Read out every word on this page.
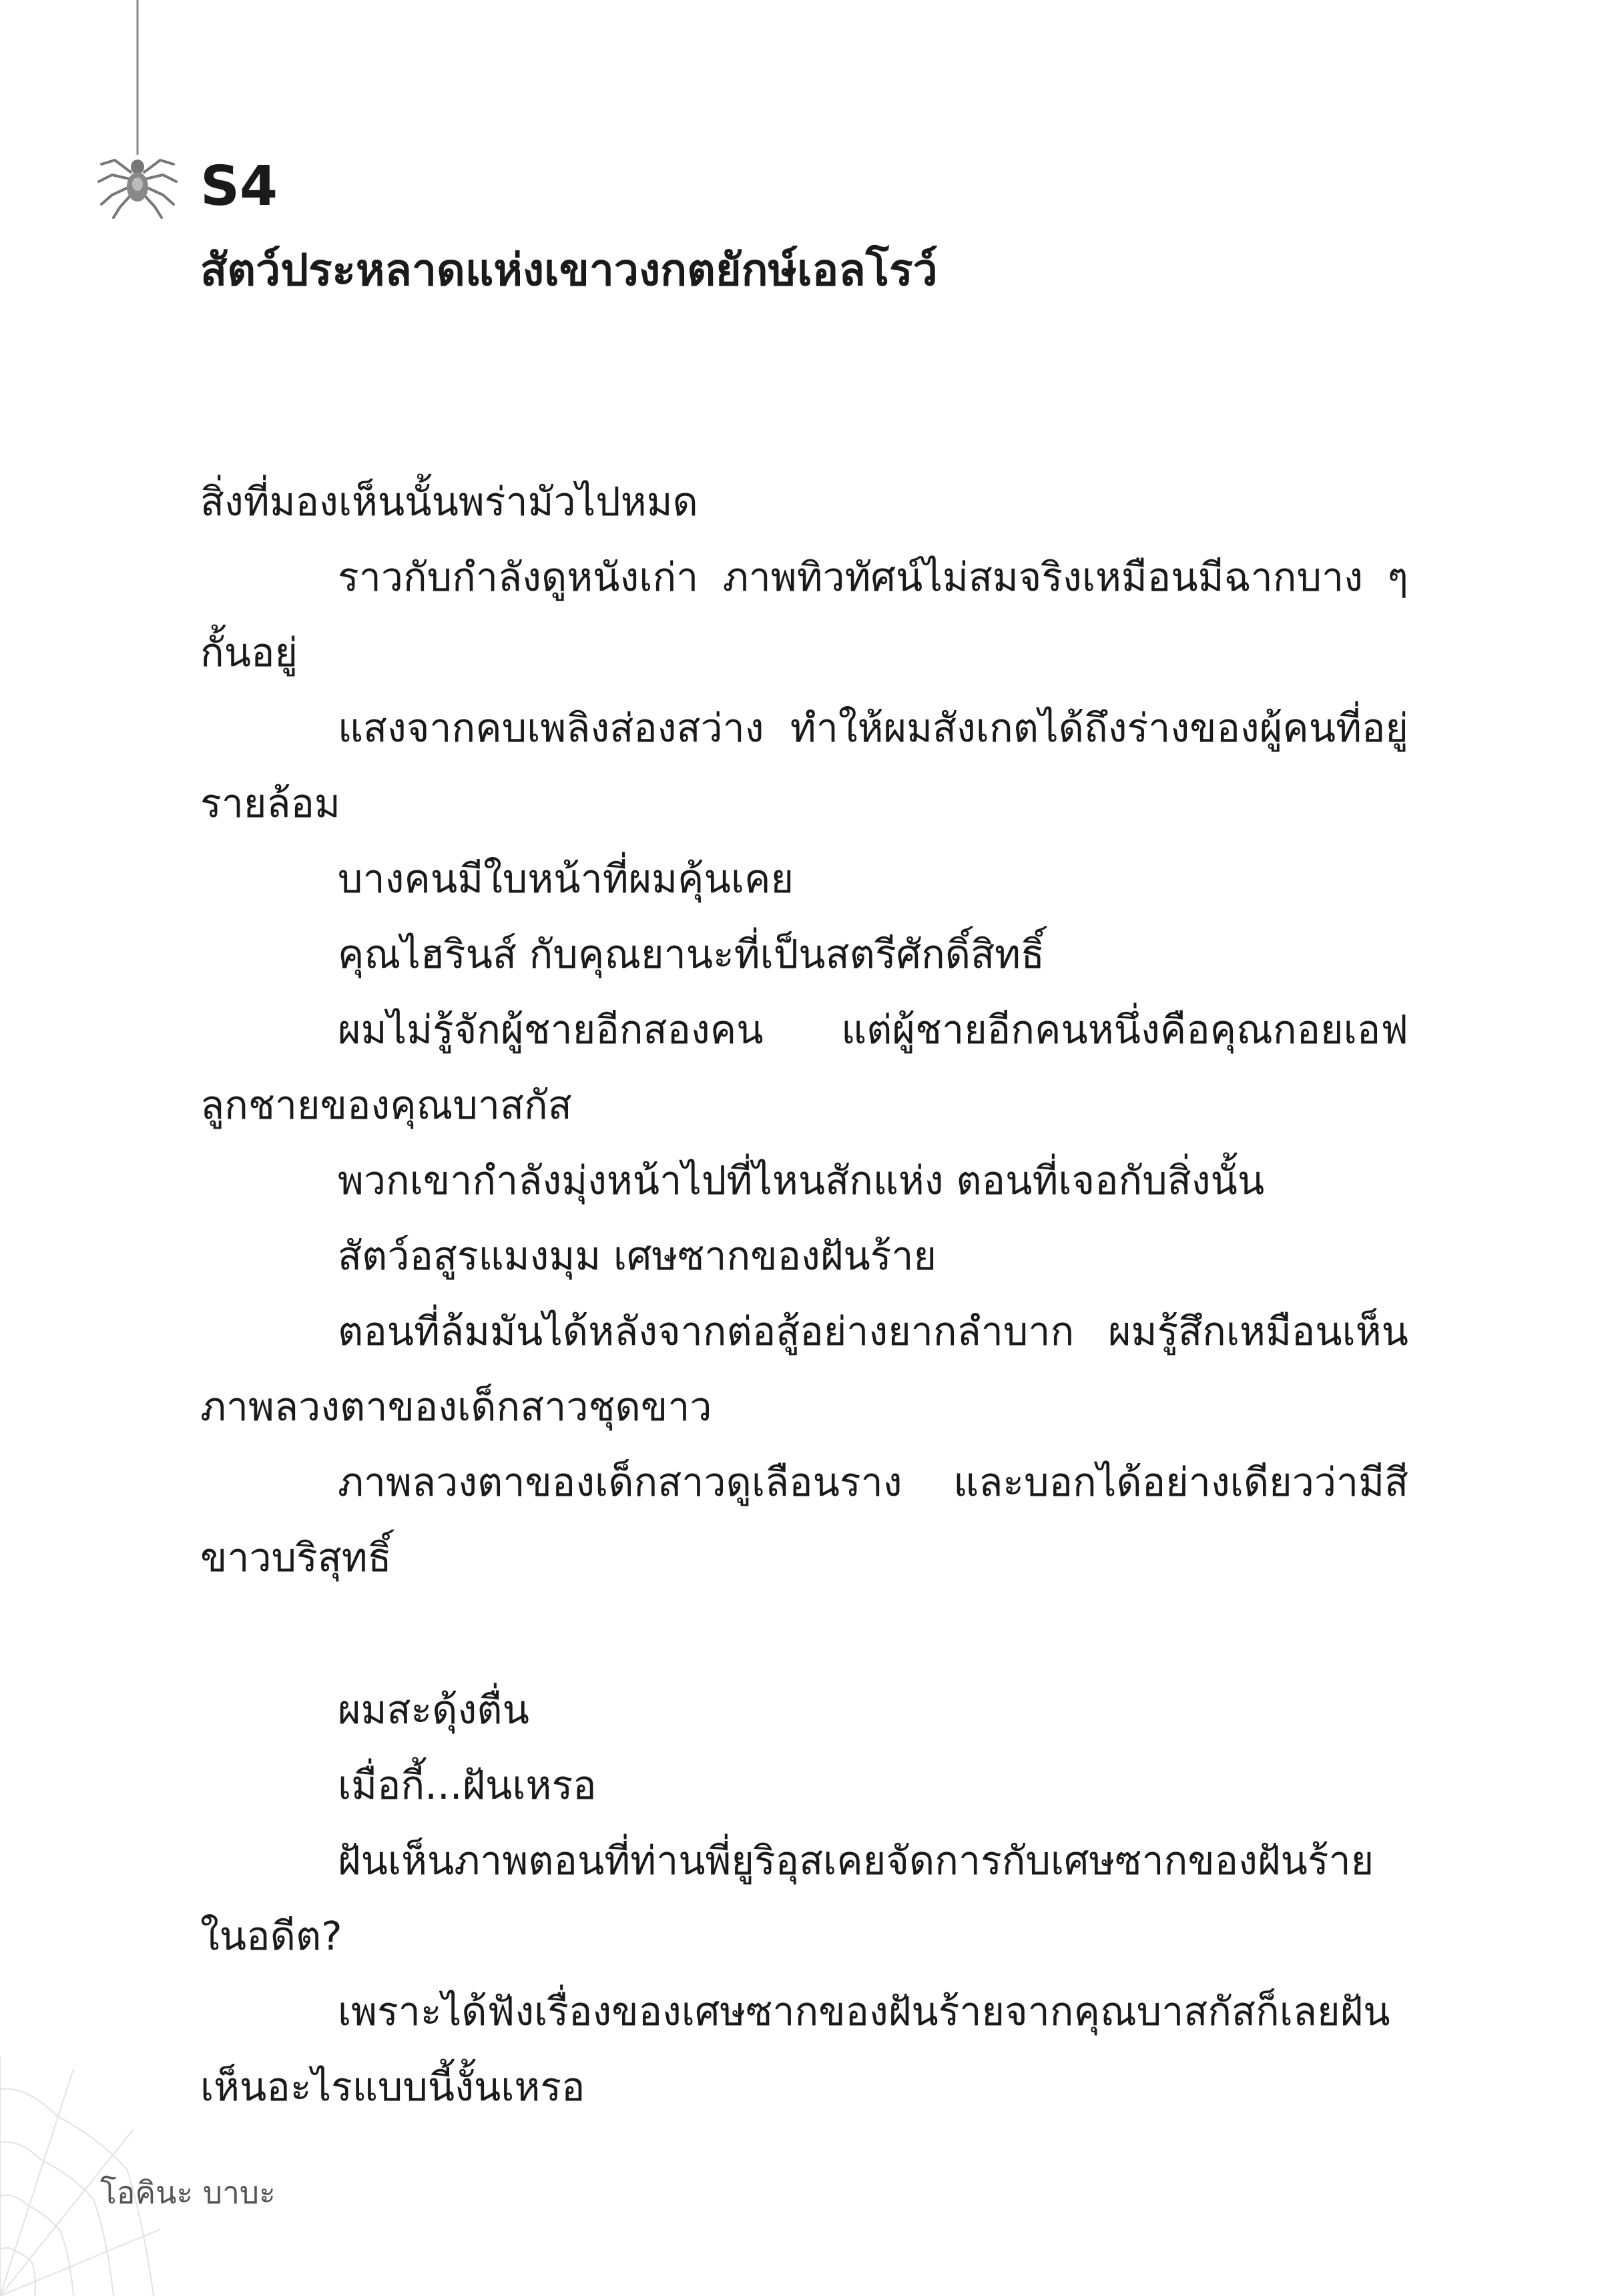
S4
สัตว์ประหลาดแห่งเขาวงกตยักษ์เอลโรว์

สิ่งที่มองเห็นนั้นพร่ามัวไปหมด

ราวกับกำลังดูหนังเก่า ภาพทิวทัศน์ไม่สมจริงเหมือนมีฉากบาง ๆ กั้นอยู่

แสงจากคบเพลิงส่องสว่าง ทำให้ผมสังเกตได้ถึงร่างของผู้คนที่อยู่รายล้อม

บางคนมีใบหน้าที่ผมคุ้นเคย

คุณไฮรินส์ กับคุณยานะที่เป็นสตรีศักดิ์สิทธิ์

ผมไม่รู้จักผู้ชายอีกสองคน แต่ผู้ชายอีกคนหนึ่งคือคุณกอยเอฟลูกชายของคุณบาสกัส

พวกเขากำลังมุ่งหน้าไปที่ไหนสักแห่ง ตอนที่เจอกับสิ่งนั้น

สัตว์อสูรแมงมุม เศษซากของฝันร้าย

ตอนที่ล้มมันได้หลังจากต่อสู้อย่างยากลำบาก ผมรู้สึกเหมือนเห็นภาพลวงตาของเด็กสาวชุดขาว

ภาพลวงตาของเด็กสาวดูเลือนราง และบอกได้อย่างเดียวว่ามีสีขาวบริสุทธิ์

ผมสะดุ้งตื่น

เมื่อกี้...ฝันเหรอ

ฝันเห็นภาพตอนที่ท่านพี่ยูริอุสเคยจัดการกับเศษซากของฝันร้ายในอดีต?

เพราะได้ฟังเรื่องของเศษซากของฝันร้ายจากคุณบาสกัสก็เลยฝันเห็นอะไรแบบนี้งั้นเหรอ

โอคินะ บาบะ
